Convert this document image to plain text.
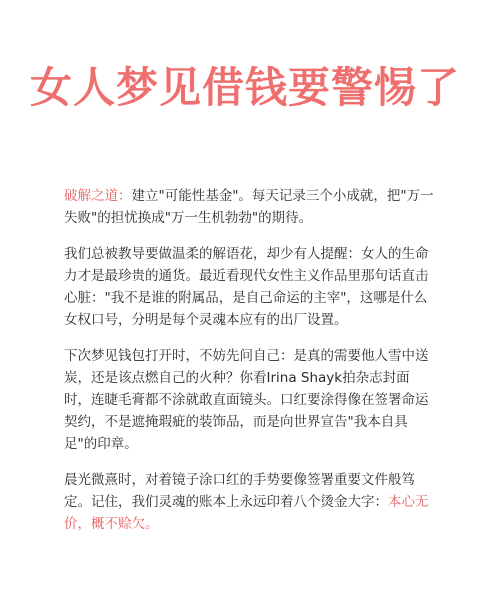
女人梦见借钱要警惕了

破解之道：建立"可能性基金"。每天记录三个小成就，把"万一失败"的担忧换成"万一生机勃勃"的期待。

我们总被教导要做温柔的解语花，却少有人提醒：女人的生命力才是最珍贵的通货。最近看现代女性主义作品里那句话直击心脏："我不是谁的附属品，是自己命运的主宰"，这哪是什么女权口号，分明是每个灵魂本应有的出厂设置。

下次梦见钱包打开时，不妨先问自己：是真的需要他人雪中送炭，还是该点燃自己的火种？你看Irina Shayk拍杂志封面时，连睫毛膏都不涂就敢直面镜头。口红要涂得像在签署命运契约，不是遮掩瑕疵的装饰品，而是向世界宣告"我本自具足"的印章。

晨光微熹时，对着镜子涂口红的手势要像签署重要文件般笃定。记住，我们灵魂的账本上永远印着八个烫金大字：本心无价，概不赊欠。
